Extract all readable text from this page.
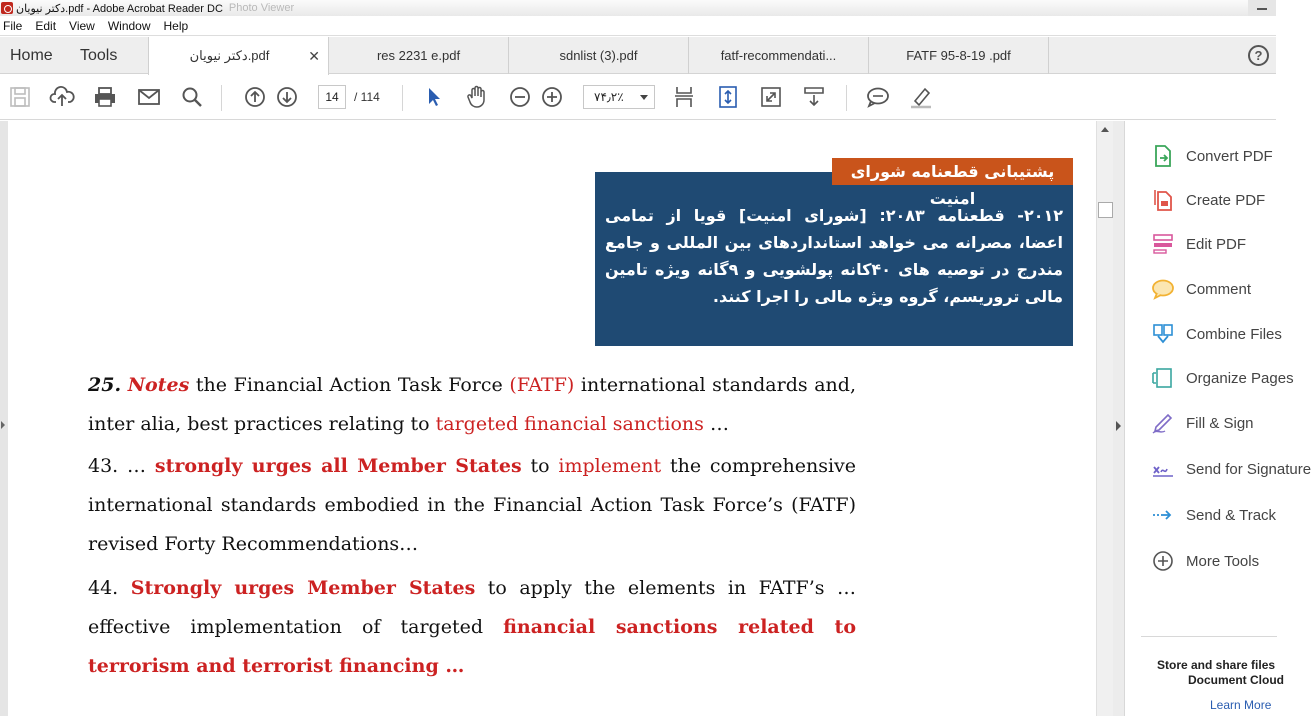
دکتر نیویان.pdf - Adobe Acrobat Reader DC Photo Viewer
File	Edit	View	Window	Help
Home Tools	دکتر نیویان.pdf	✕	res 2231 e.pdf	sdnlist (3).pdf	fatf-recommendati...	FATF 95-8-19 .pdf	?
14	/ 114	۷۴٫۲٪
۲۰۱۲- قطعنامه ۲۰۸۳: [شورای امنیت] قویا از تمامی اعضا، مصرانه می خواهد استانداردهای بین المللی و جامع مندرج در توصیه های ۴۰کانه پولشویی و ۹گانه ویژه تامین مالی تروریسم، گروه ویژه مالی را اجرا کنند.
پشتیبانی قطعنامه شورای امنیت
25. Notes the Financial Action Task Force (FATF) international standards and, inter alia, best practices relating to targeted financial sanctions …
43. … strongly urges all Member States to implement the comprehensive international standards embodied in the Financial Action Task Force’s (FATF) revised Forty Recommendations…
44. Strongly urges Member States to apply the elements in FATF’s … effective implementation of targeted financial sanctions related to terrorism and terrorist financing …
Convert PDF
Create PDF
Edit PDF
Comment
Combine Files
Organize Pages
Fill & Sign
Send for Signature
Send & Track
More Tools
Store and share files
Document Cloud
Learn More
